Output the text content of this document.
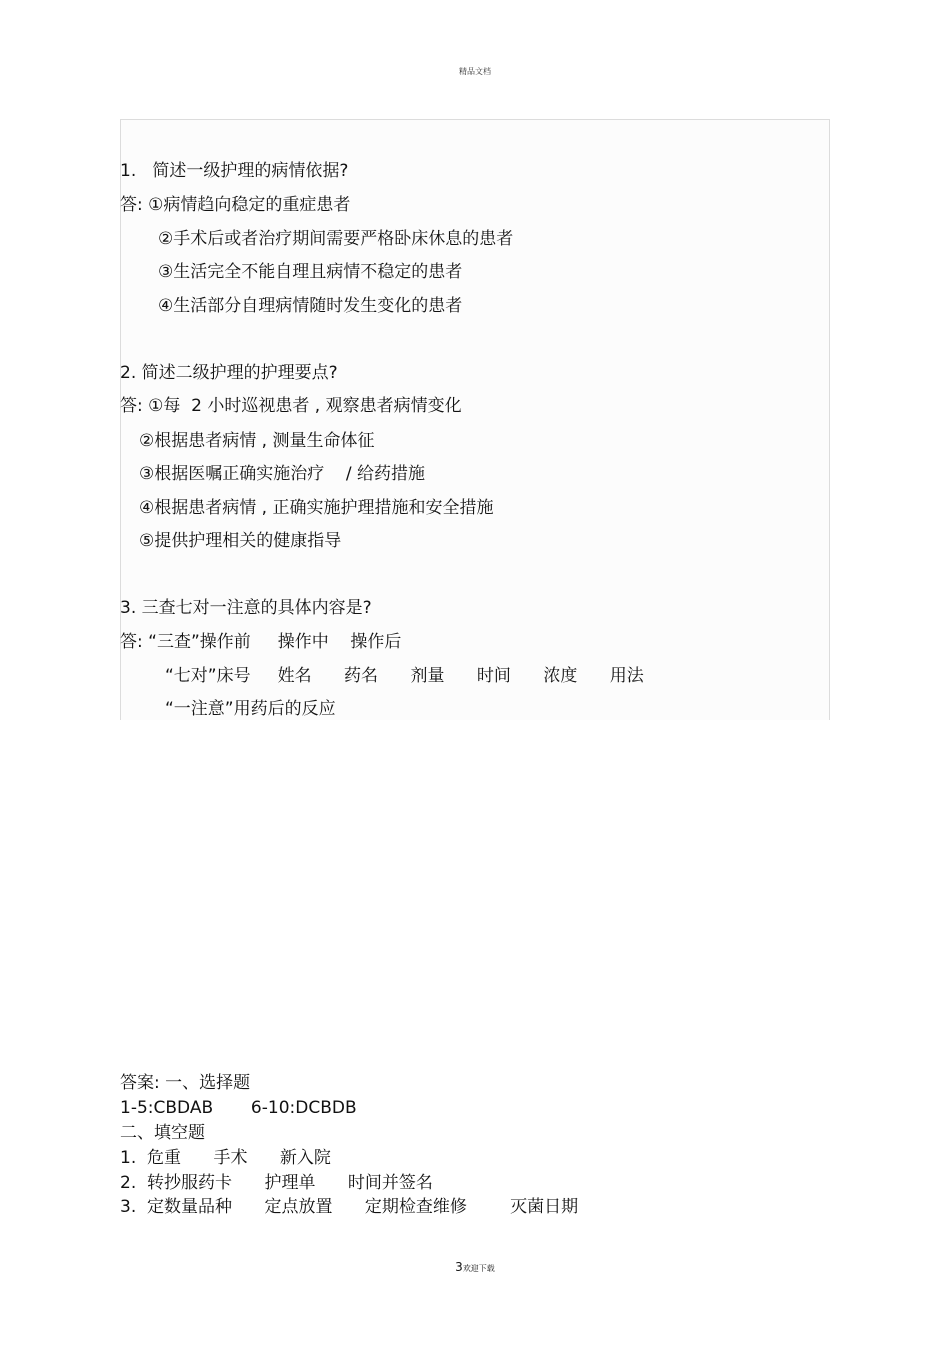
精品文档
1.   简述一级护理的病情依据?
答: ①病情趋向稳定的重症患者
②手术后或者治疗期间需要严格卧床休息的患者
③生活完全不能自理且病情不稳定的患者
④生活部分自理病情随时发生变化的患者
2. 简述二级护理的护理要点?
答: ①每  2 小时巡视患者 , 观察患者病情变化
②根据患者病情 , 测量生命体征
③根据医嘱正确实施治疗    / 给药措施
④根据患者病情 , 正确实施护理措施和安全措施
⑤提供护理相关的健康指导
3. 三查七对一注意的具体内容是?
答: “三查”操作前     操作中    操作后
“七对”床号     姓名      药名      剂量      时间      浓度      用法
“一注意”用药后的反应
答案: 一、选择题
1-5:CBDAB       6-10:DCBDB
二、填空题
1.  危重      手术      新入院
2.  转抄服药卡      护理单      时间并签名
3.  定数量品种      定点放置      定期检查维修        灭菌日期
3欢迎下载
